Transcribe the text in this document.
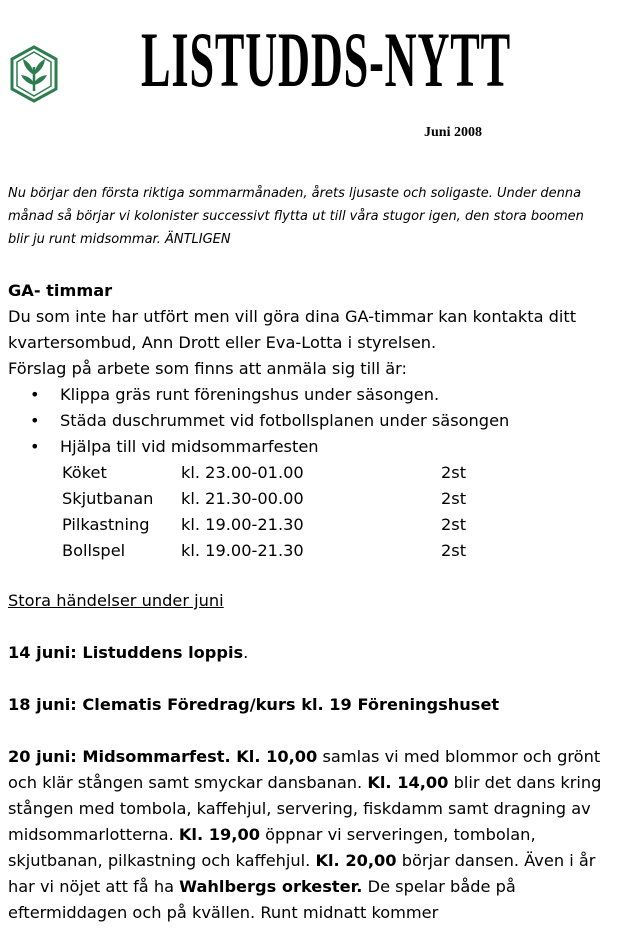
LISTUDDS-NYTT
Juni 2008
Nu börjar den första riktiga sommarmånaden, årets ljusaste och soligaste. Under denna månad så börjar vi kolonister successivt flytta ut till våra stugor igen, den stora boomen blir ju runt midsommar. ÄNTLIGEN
GA- timmar
Du som inte har utfört men vill göra dina GA-timmar kan kontakta ditt kvartersombud, Ann Drott eller Eva-Lotta i styrelsen.
Förslag på arbete som finns att anmäla sig till är:
• Klippa gräs runt föreningshus under säsongen.
• Städa duschrummet vid fotbollsplanen under säsongen
• Hjälpa till vid midsommarfesten
Köket	kl. 23.00-01.00	2st
Skjutbanan	kl. 21.30-00.00	2st
Pilkastning	kl. 19.00-21.30	2st
Bollspel	kl. 19.00-21.30	2st
Stora händelser under juni
14 juni: Listuddens loppis.
18 juni: Clematis Föredrag/kurs kl. 19 Föreningshuset
20 juni: Midsommarfest. Kl. 10,00 samlas vi med blommor och grönt och klär stången samt smyckar dansbanan. Kl. 14,00 blir det dans kring stången med tombola, kaffehjul, servering, fiskdamm samt dragning av midsommarlotterna. Kl. 19,00 öppnar vi serveringen, tombolan, skjutbanan, pilkastning och kaffehjul. Kl. 20,00 börjar dansen. Även i år har vi nöjet att få ha Wahlbergs orkester. De spelar både på eftermiddagen och på kvällen. Runt midnatt kommer
